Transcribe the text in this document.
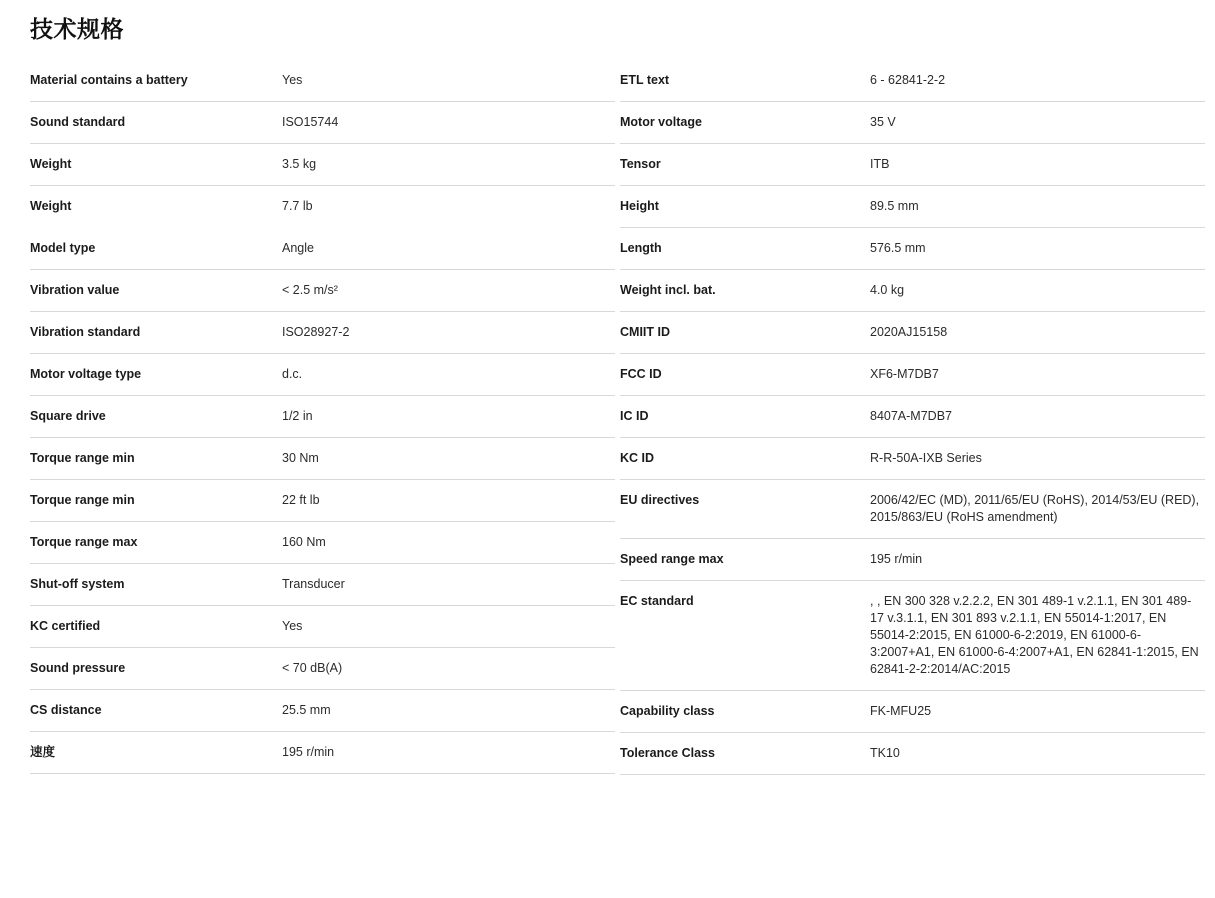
技术规格
Material contains a battery	Yes
Sound standard	ISO15744
Weight	3.5 kg
Weight	7.7 lb
Model type	Angle
Vibration value	< 2.5 m/s²
Vibration standard	ISO28927-2
Motor voltage type	d.c.
Square drive	1/2 in
Torque range min	30 Nm
Torque range min	22 ft lb
Torque range max	160 Nm
Shut-off system	Transducer
KC certified	Yes
Sound pressure	< 70 dB(A)
CS distance	25.5 mm
速度	195 r/min
ETL text	6 - 62841-2-2
Motor voltage	35 V
Tensor	ITB
Height	89.5 mm
Length	576.5 mm
Weight incl. bat.	4.0 kg
CMIIT ID	2020AJ15158
FCC ID	XF6-M7DB7
IC ID	8407A-M7DB7
KC ID	R-R-50A-IXB Series
EU directives	2006/42/EC (MD), 2011/65/EU (RoHS), 2014/53/EU (RED), 2015/863/EU (RoHS amendment)
Speed range max	195 r/min
EC standard	, , EN 300 328 v.2.2.2, EN 301 489-1 v.2.1.1, EN 301 489-17 v.3.1.1, EN 301 893 v.2.1.1, EN 55014-1:2017, EN 55014-2:2015, EN 61000-6-2:2019, EN 61000-6-3:2007+A1, EN 61000-6-4:2007+A1, EN 62841-1:2015, EN 62841-2-2:2014/AC:2015
Capability class	FK-MFU25
Tolerance Class	TK10
